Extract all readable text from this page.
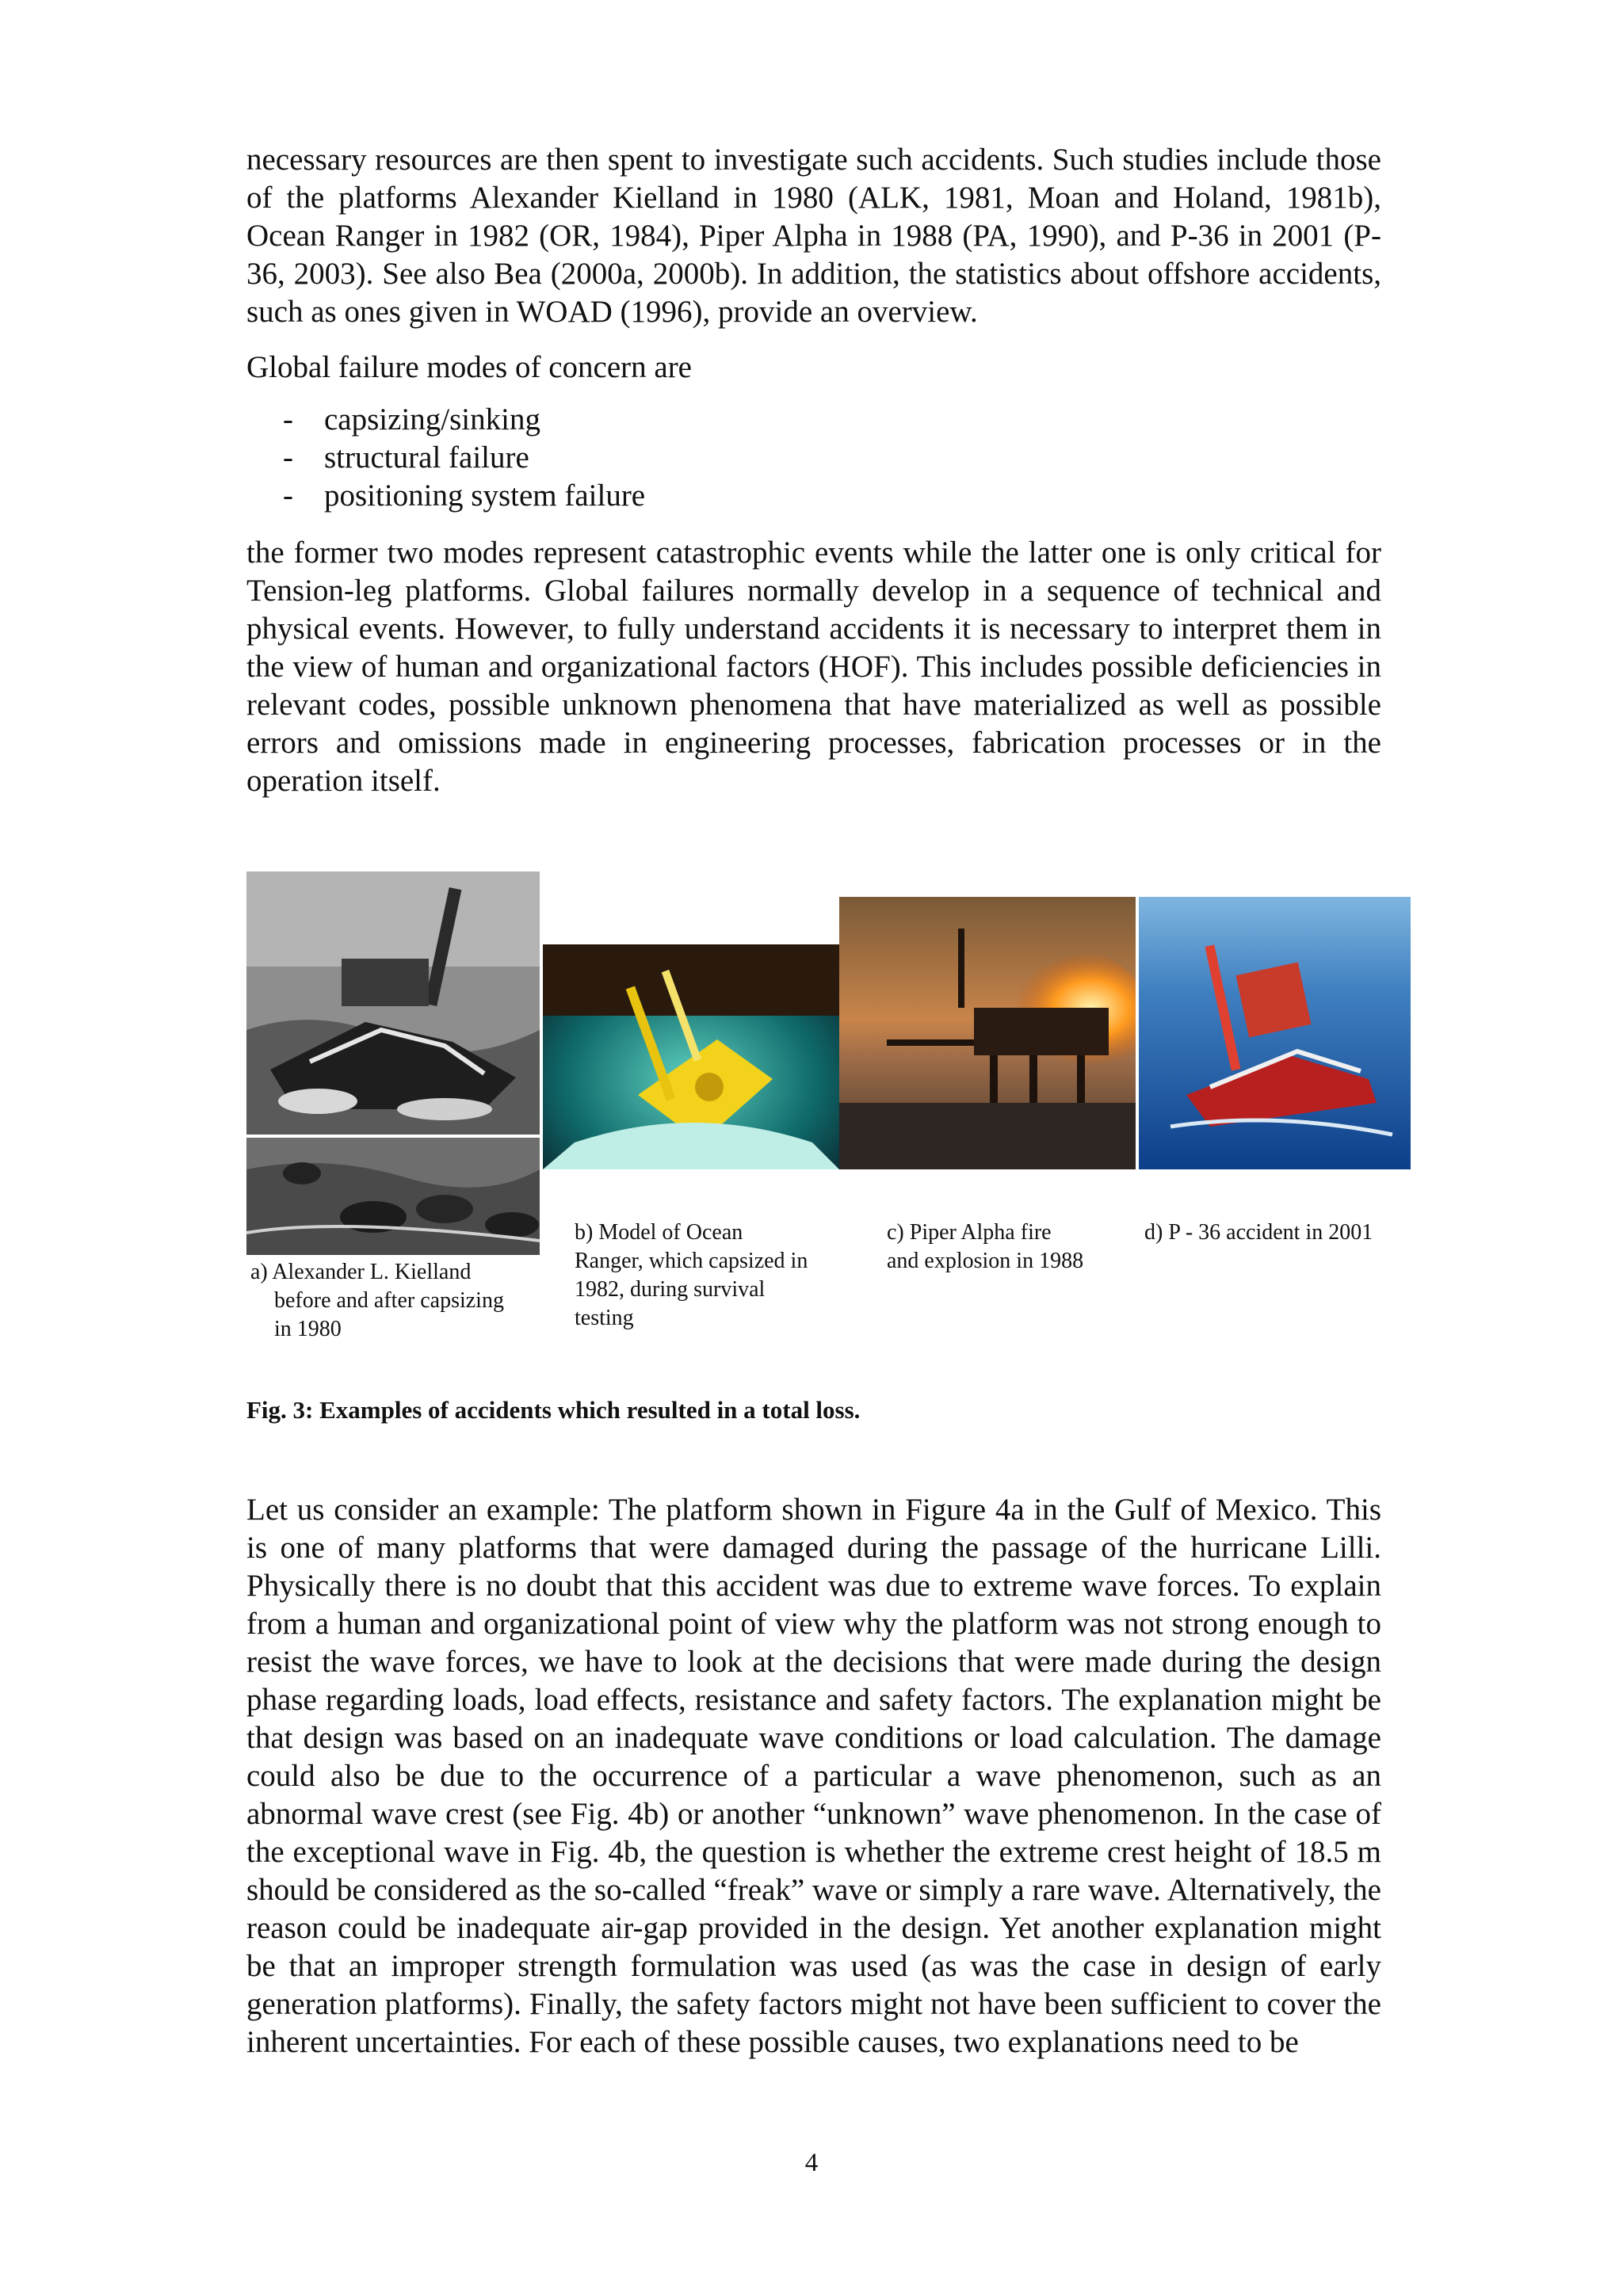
necessary resources are then spent to investigate such accidents. Such studies include those of the platforms Alexander Kielland in 1980 (ALK, 1981, Moan and Holand, 1981b), Ocean Ranger in 1982 (OR, 1984), Piper Alpha in 1988 (PA, 1990), and P-36 in 2001 (P-36, 2003). See also Bea (2000a, 2000b). In addition, the statistics about offshore accidents, such as ones given in WOAD (1996), provide an overview.

Global failure modes of concern are

- capsizing/sinking
- structural failure
- positioning system failure

the former two modes represent catastrophic events while the latter one is only critical for Tension-leg platforms. Global failures normally develop in a sequence of technical and physical events. However, to fully understand accidents it is necessary to interpret them in the view of human and organizational factors (HOF). This includes possible deficiencies in relevant codes, possible unknown phenomena that have materialized as well as possible errors and omissions made in engineering processes, fabrication processes or in the operation itself.

a) Alexander L. Kielland
before and after capsizing
in 1980

b) Model of Ocean
Ranger, which capsized in
1982, during survival
testing

c) Piper Alpha fire
and explosion in 1988

d) P - 36 accident in 2001

Fig. 3: Examples of accidents which resulted in a total loss.

Let us consider an example: The platform shown in Figure 4a in the Gulf of Mexico. This is one of many platforms that were damaged during the passage of the hurricane Lilli. Physically there is no doubt that this accident was due to extreme wave forces. To explain from a human and organizational point of view why the platform was not strong enough to resist the wave forces, we have to look at the decisions that were made during the design phase regarding loads, load effects, resistance and safety factors. The explanation might be that design was based on an inadequate wave conditions or load calculation. The damage could also be due to the occurrence of a particular a wave phenomenon, such as an abnormal wave crest (see Fig. 4b) or another “unknown” wave phenomenon. In the case of the exceptional wave in Fig. 4b, the question is whether the extreme crest height of 18.5 m should be considered as the so-called “freak” wave or simply a rare wave. Alternatively, the reason could be inadequate air-gap provided in the design. Yet another explanation might be that an improper strength formulation was used (as was the case in design of early generation platforms). Finally, the safety factors might not have been sufficient to cover the inherent uncertainties. For each of these possible causes, two explanations need to be

4
